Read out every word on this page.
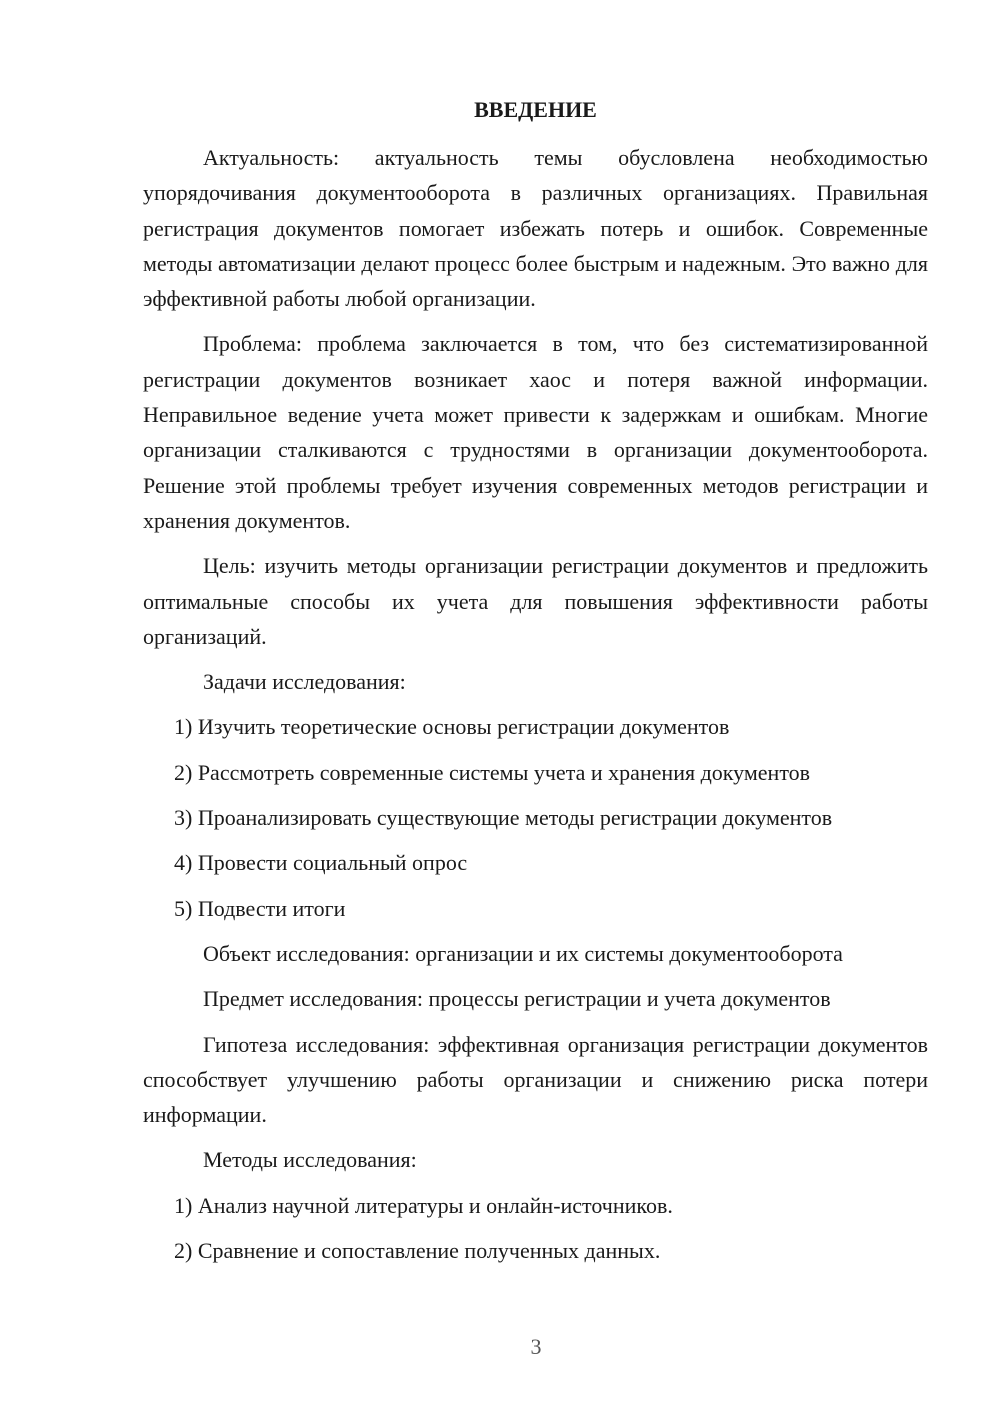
ВВЕДЕНИЕ

Актуальность: актуальность темы обусловлена необходимостью упорядочивания документооборота в различных организациях. Правильная регистрация документов помогает избежать потерь и ошибок. Современные методы автоматизации делают процесс более быстрым и надежным. Это важно для эффективной работы любой организации.

Проблема: проблема заключается в том, что без систематизированной регистрации документов возникает хаос и потеря важной информации. Неправильное ведение учета может привести к задержкам и ошибкам. Многие организации сталкиваются с трудностями в организации документооборота. Решение этой проблемы требует изучения современных методов регистрации и хранения документов.

Цель: изучить методы организации регистрации документов и предложить оптимальные способы их учета для повышения эффективности работы организаций.

Задачи исследования:

1) Изучить теоретические основы регистрации документов

2) Рассмотреть современные системы учета и хранения документов

3) Проанализировать существующие методы регистрации документов

4) Провести социальный опрос

5) Подвести итоги

Объект исследования: организации и их системы документооборота

Предмет исследования: процессы регистрации и учета документов

Гипотеза исследования: эффективная организация регистрации документов способствует улучшению работы организации и снижению риска потери информации.

Методы исследования:

1) Анализ научной литературы и онлайн-источников.

2) Сравнение и сопоставление полученных данных.

3
